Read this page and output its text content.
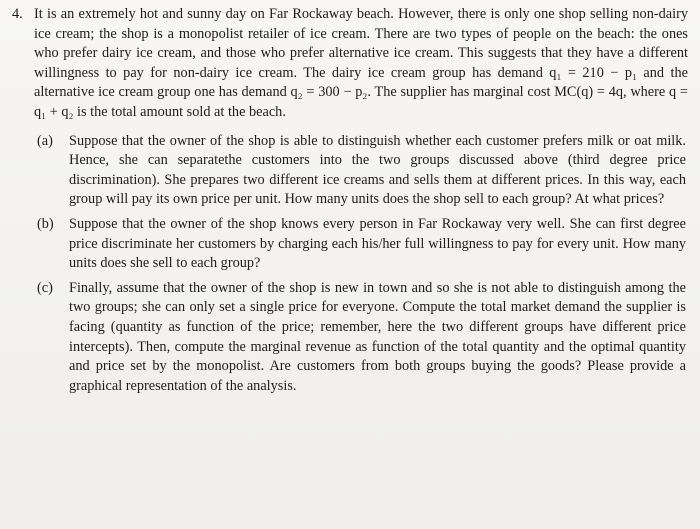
4. It is an extremely hot and sunny day on Far Rockaway beach. However, there is only one shop selling non-dairy ice cream; the shop is a monopolist retailer of ice cream. There are two types of people on the beach: the ones who prefer dairy ice cream, and those who prefer alternative ice cream. This suggests that they have a different willingness to pay for non-dairy ice cream. The dairy ice cream group has demand q₁ = 210 − p₁ and the alternative ice cream group one has demand q₂ = 300 − p₂. The supplier has marginal cost MC(q) = 4q, where q = q₁ + q₂ is the total amount sold at the beach.
(a)	Suppose that the owner of the shop is able to distinguish whether each customer prefers milk or oat milk. Hence, she can separatethe customers into the two groups discussed above (third degree price discrimination). She prepares two different ice creams and sells them at different prices. In this way, each group will pay its own price per unit. How many units does the shop sell to each group? At what prices?
(b)	Suppose that the owner of the shop knows every person in Far Rockaway very well. She can first degree price discriminate her customers by charging each his/her full willingness to pay for every unit. How many units does she sell to each group?
(c)	Finally, assume that the owner of the shop is new in town and so she is not able to distinguish among the two groups; she can only set a single price for everyone. Compute the total market demand the supplier is facing (quantity as function of the price; remember, here the two different groups have different price intercepts). Then, compute the marginal revenue as function of the total quantity and the optimal quantity and price set by the monopolist. Are customers from both groups buying the goods? Please provide a graphical representation of the analysis.
